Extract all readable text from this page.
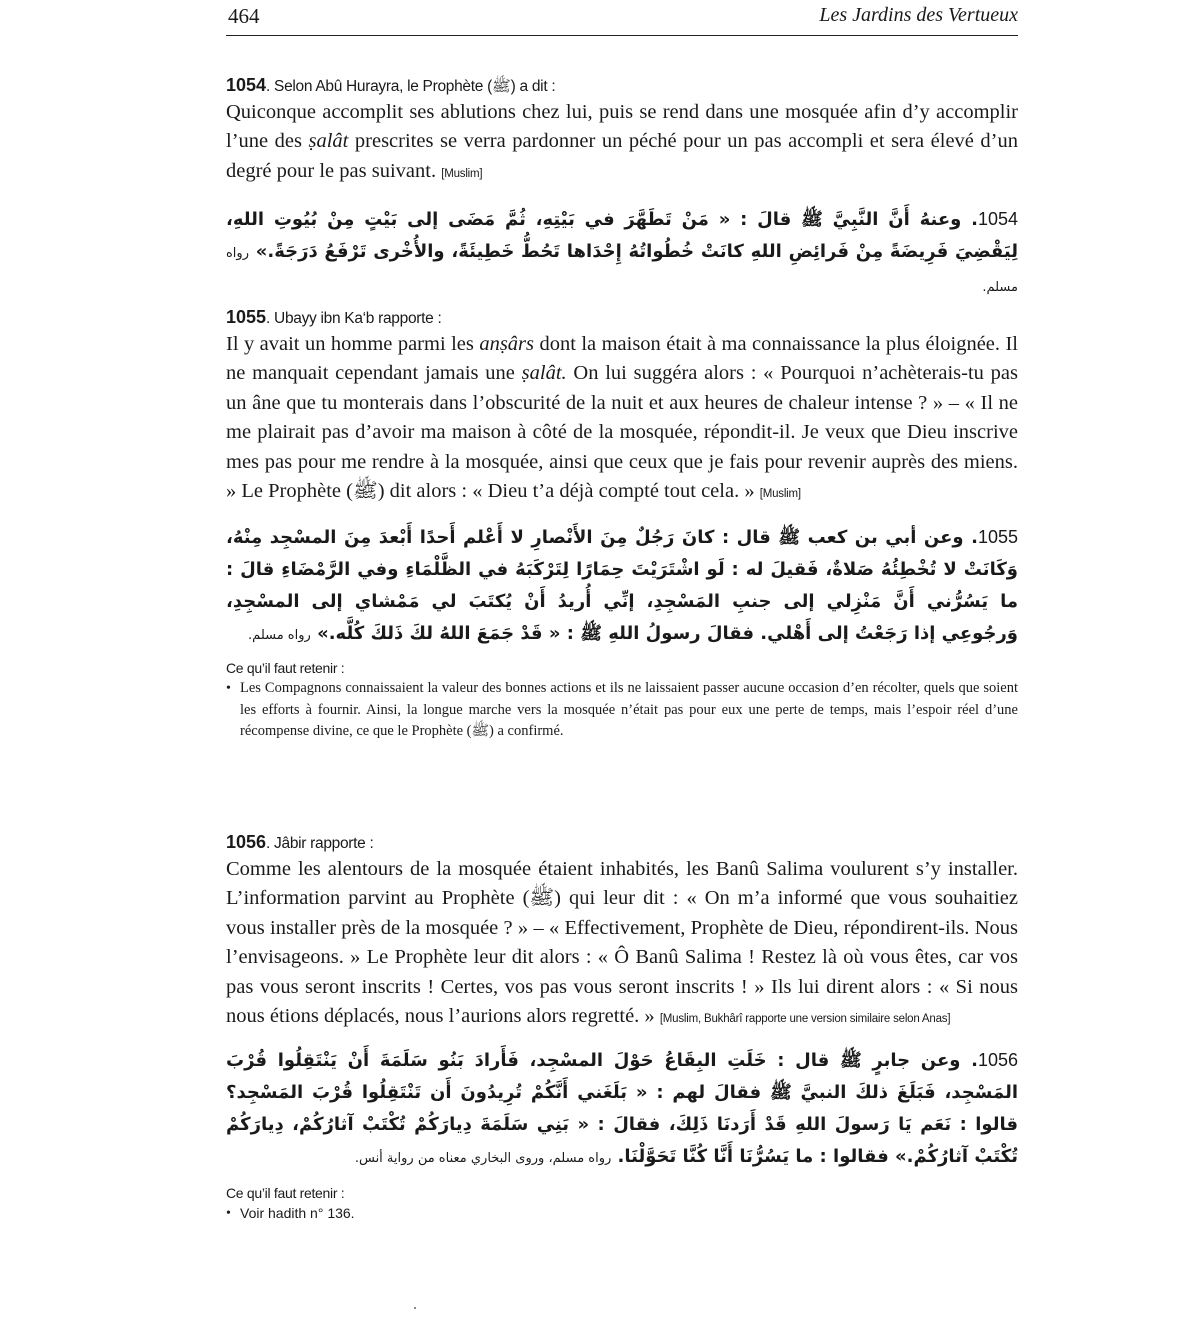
464	Les Jardins des Vertueux

1054. Selon Abû Hurayra, le Prophète (ﷺ) a dit :

Quiconque accomplit ses ablutions chez lui, puis se rend dans une mosquée afin d’y accomplir l’une des ṣalât prescrites se verra pardonner un péché pour un pas accompli et sera élevé d’un degré pour le pas suivant. [Muslim]

1054. وعنهُ أَنَّ النَّبِيَّ ﷺ قالَ : « مَنْ تَطَهَّرَ في بَيْتِهِ، ثُمَّ مَضَى إلى بَيْتٍ مِنْ بُيُوتِ اللهِ، لِيَقْضِيَ فَرِيضَةً مِنْ فَرائِضِ اللهِ كانَتْ خُطُواتُهُ إِحْدَاها تَحُطُّ خَطِيئَةً، والأُخْرى تَرْفَعُ دَرَجَةً.» رواه مسلم.

1055. Ubayy ibn Ka‘b rapporte :

Il y avait un homme parmi les anṣârs dont la maison était à ma connaissance la plus éloignée. Il ne manquait cependant jamais une ṣalât. On lui suggéra alors : « Pourquoi n’achèterais-tu pas un âne que tu monterais dans l’obscurité de la nuit et aux heures de chaleur intense ? » – « Il ne me plairait pas d’avoir ma maison à côté de la mosquée, répondit-il. Je veux que Dieu inscrive mes pas pour me rendre à la mosquée, ainsi que ceux que je fais pour revenir auprès des miens. » Le Prophète (ﷺ) dit alors : « Dieu t’a déjà compté tout cela. » [Muslim]

1055. وعن أبي بن كعب ﷺ قال : كانَ رَجُلٌ مِنَ الأَنْصارِ لا أَعْلم أَحدًا أَبْعدَ مِنَ المسْجِد مِنْهُ، وَكَانَتْ لا تُخْطِئُهُ صَلاةٌ، فَقيلَ له : لَو اشْتَرَيْتَ حِمَارًا لِتَرْكَبَهُ في الظَّلْمَاءِ وفي الرَّمْضَاءِ قالَ : ما يَسُرُّني أَنَّ مَنْزِلي إلى جنبِ المَسْجِدِ، إنِّي أُريدُ أَنْ يُكتَبَ لي مَمْشاي إلى المسْجِدِ، وَرجُوعِي إذا رَجَعْتُ إلى أَهْلي. فقالَ رسولُ اللهِ ﷺ : « قَدْ جَمَعَ اللهُ لكَ ذَلكَ كُلَّه.» رواه مسلم.

Ce qu’il faut retenir :

• Les Compagnons connaissaient la valeur des bonnes actions et ils ne laissaient passer aucune occasion d’en récolter, quels que soient les efforts à fournir. Ainsi, la longue marche vers la mosquée n’était pas pour eux une perte de temps, mais l’espoir réel d’une récompense divine, ce que le Prophète (ﷺ) a confirmé.

1056. Jâbir rapporte :

Comme les alentours de la mosquée étaient inhabités, les Banû Salima voulurent s’y installer. L’information parvint au Prophète (ﷺ) qui leur dit : « On m’a informé que vous souhaitiez vous installer près de la mosquée ? » – « Effectivement, Prophète de Dieu, répondirent-ils. Nous l’envisageons. » Le Prophète leur dit alors : « Ô Banû Salima ! Restez là où vous êtes, car vos pas vous seront inscrits ! Certes, vos pas vous seront inscrits ! » Ils lui dirent alors : « Si nous nous étions déplacés, nous l’aurions alors regretté. » [Muslim, Bukhârî rapporte une version similaire selon Anas]

1056. وعن جابرٍ ﷺ قال : خَلَتِ البِقَاعُ حَوْلَ المسْجِد، فَأَرادَ بَنُو سَلَمَةَ أَنْ يَنْتَقِلُوا قُرْبَ المَسْجِد، فَبَلَغَ ذلكَ النبيَّ ﷺ فقالَ لهم : « بَلَغَني أَنَّكُمْ تُرِيدُونَ أَن تَنْتَقِلُوا قُرْبَ المَسْجِد؟ قالوا : نَعَم يَا رَسولَ اللهِ قَدْ أَرَدنَا ذَلِكَ، فقالَ : « بَنِي سَلَمَةَ دِيارَكُمْ تُكْتَبْ آثارُكُمْ، دِيارَكُمْ تُكْتَبْ آثارُكُمْ.» فقالوا : ما يَسُرُّنَا أَنَّا كُنَّا تَحَوَّلْنَا. رواه مسلم، وروى البخاري معناه من رواية أنس.

Ce qu’il faut retenir :

• Voir hadith n° 136.
